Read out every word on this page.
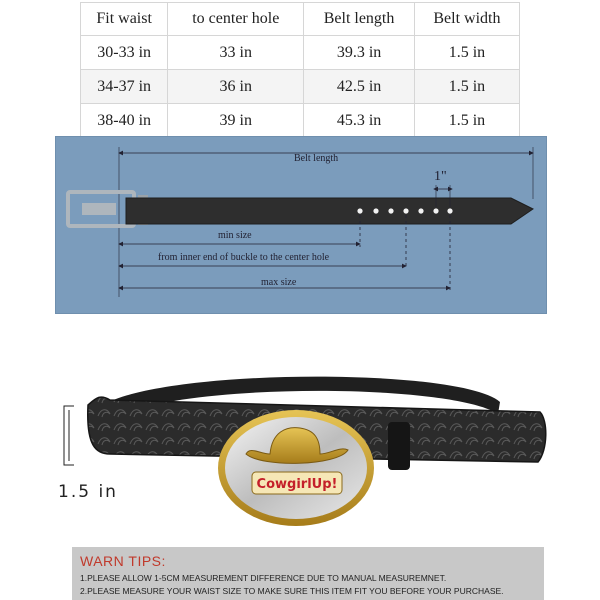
Fit waist	to center hole	Belt length	Belt width
30-33 in	33 in	39.3 in	1.5 in
34-37 in	36 in	42.5 in	1.5 in
38-40 in	39 in	45.3 in	1.5 in
Belt length
1"
min size
from inner end of buckle to the center hole
max size
CowgirlUp!
1.5 in
WARN TIPS:
1.PLEASE ALLOW 1-5CM MEASUREMENT DIFFERENCE DUE TO MANUAL MEASUREMNET.
2.PLEASE MEASURE YOUR WAIST SIZE TO MAKE SURE THIS ITEM FIT YOU BEFORE YOUR PURCHASE.
